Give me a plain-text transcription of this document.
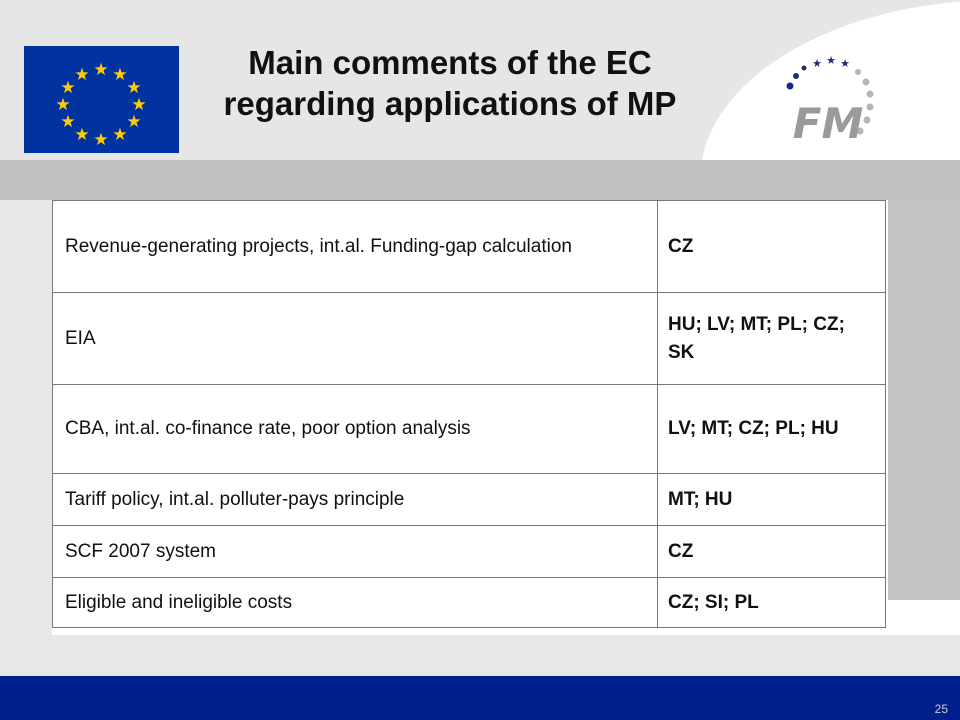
★ ★
★
★
★
★
★
★
★
★
★
★	Main comments of the EC
regarding applications of MP
★ ★ ★
FM
Revenue-generating projects, int.al. Funding-gap calculation	CZ
EIA	HU; LV; MT; PL; CZ; SK
CBA, int.al. co-finance rate, poor option analysis	LV; MT; CZ; PL; HU
Tariff policy, int.al. polluter-pays principle	MT; HU
SCF 2007 system	CZ
Eligible and ineligible costs	CZ; SI; PL
25
